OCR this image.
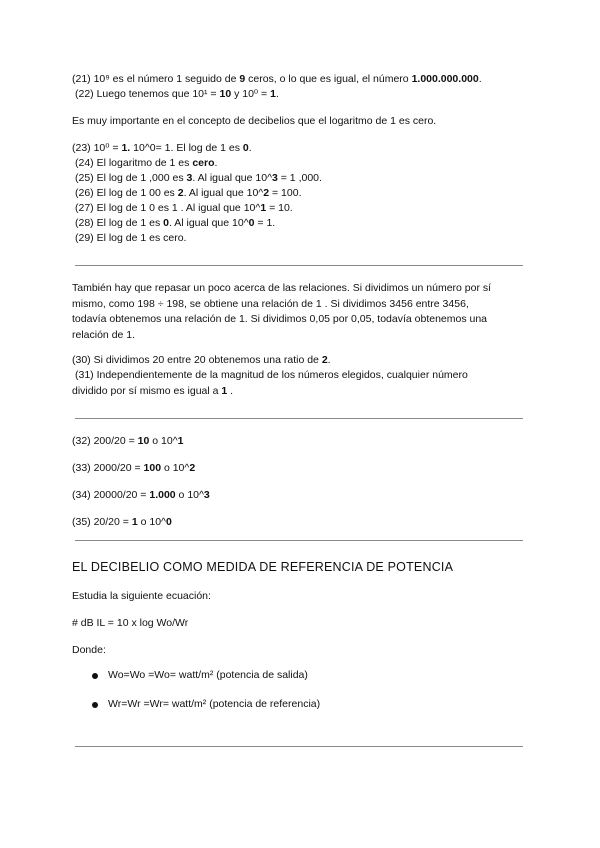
(21) 10⁹ es el número 1 seguido de 9 ceros, o lo que es igual, el número 1.000.000.000.
(22) Luego tenemos que 10¹ = 10 y 10⁰ = 1.
Es muy importante en el concepto de decibelios que el logaritmo de 1 es cero.
(23) 10⁰ = 1. 10^0= 1. El log de 1 es 0.
(24) El logaritmo de 1 es cero.
(25) El log de 1 ,000 es 3. Al igual que 10^3 = 1 ,000.
(26) El log de 1 00 es 2. Al igual que 10^2 = 100.
(27) El log de 1 0 es 1 . Al igual que 10^1 = 10.
(28) El log de 1 es 0. Al igual que 10^0 = 1.
(29) El log de 1 es cero.
También hay que repasar un poco acerca de las relaciones. Si dividimos un número por sí
mismo, como 198 ÷ 198, se obtiene una relación de 1 . Si dividimos 3456 entre 3456,
todavía obtenemos una relación de 1. Si dividimos 0,05 por 0,05, todavía obtenemos una
relación de 1.
(30) Si dividimos 20 entre 20 obtenemos una ratio de 2.
(31) Independientemente de la magnitud de los números elegidos, cualquier número
dividido por sí mismo es igual a 1 .
(32) 200/20 = 10 o 10^1
(33) 2000/20 = 100 o 10^2
(34) 20000/20 = 1.000 o 10^3
(35) 20/20 = 1 o 10^0
EL DECIBELIO COMO MEDIDA DE REFERENCIA DE POTENCIA
Estudia la siguiente ecuación:
# dB IL = 10 x log Wo/Wr
Donde:
Wo=Wo =Wo= watt/m² (potencia de salida)
Wr=Wr =Wr= watt/m² (potencia de referencia)
